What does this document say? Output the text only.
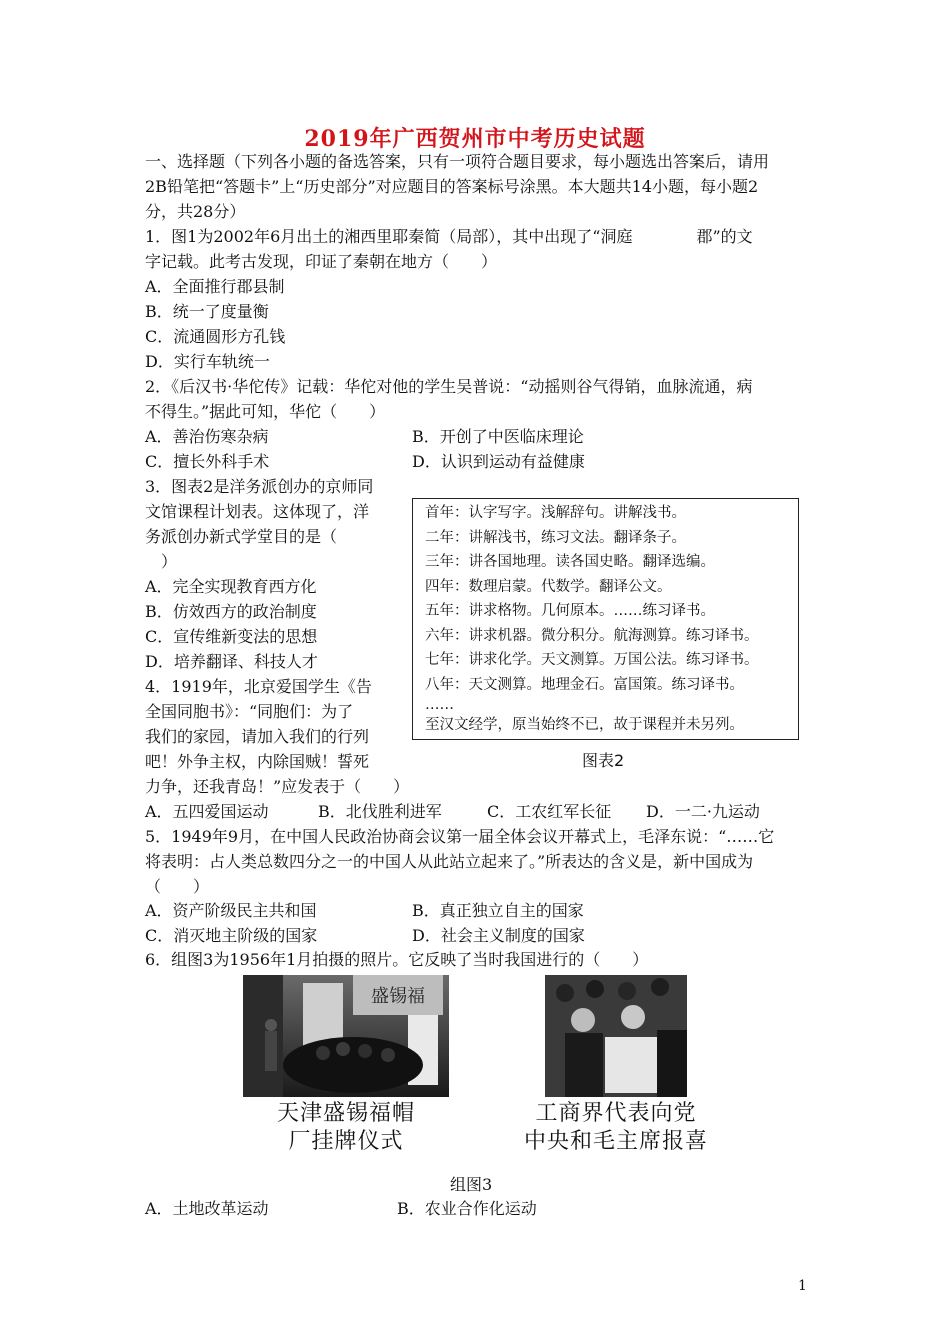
2019年广西贺州市中考历史试题
一、选择题（下列各小题的备选答案，只有一项符合题目要求，每小题选出答案后，请用
2B铅笔把“答题卡”上“历史部分”对应题目的答案标号涂黑。本大题共14小题，每小题2
分，共28分）
1．图1为2002年6月出土的湘西里耶秦简（局部），其中出现了“洞庭　　　　郡”的文
字记载。此考古发现，印证了秦朝在地方（　　）
A．全面推行郡县制
B．统一了度量衡
C．流通圆形方孔钱
D．实行车轨统一
2．《后汉书·华佗传》记载：华佗对他的学生吴普说：“动摇则谷气得销，血脉流通，病
不得生。”据此可知，华佗（　　）
A．善治伤寒杂病	B．开创了中医临床理论
C．擅长外科手术	D．认识到运动有益健康
3．图表2是洋务派创办的京师同
文馆课程计划表。这体现了，洋
务派创办新式学堂目的是（
　）
A．完全实现教育西方化
B．仿效西方的政治制度
C．宣传维新变法的思想
D．培养翻译、科技人才
首年：认字写字。浅解辞句。讲解浅书。
二年：讲解浅书，练习文法。翻译条子。
三年：讲各国地理。读各国史略。翻译选编。
四年：数理启蒙。代数学。翻译公文。
五年：讲求格物。几何原本。……练习译书。
六年：讲求机器。微分积分。航海测算。练习译书。
七年：讲求化学。天文测算。万国公法。练习译书。
八年：天文测算。地理金石。富国策。练习译书。
……
至汉文经学，原当始终不已，故于课程并未另列。
图表2
4．1919年，北京爱国学生《告
全国同胞书》：“同胞们：为了
我们的家园，请加入我们的行列
吧！外争主权，内除国贼！誓死
力争，还我青岛！”应发表于（　　）
A．五四爱国运动	B．北伐胜利进军	C．工农红军长征 D．一二·九运动
5．1949年9月，在中国人民政治协商会议第一届全体会议开幕式上，毛泽东说：“……它
将表明：占人类总数四分之一的中国人从此站立起来了。”所表达的含义是，新中国成为
（　　）
A．资产阶级民主共和国	B．真正独立自主的国家
C．消灭地主阶级的国家	D．社会主义制度的国家
6．组图3为1956年1月拍摄的照片。它反映了当时我国进行的（　　）
盛锡福
天津盛锡福帽
厂挂牌仪式
工商界代表向党
中央和毛主席报喜
组图3
A．土地改革运动	B．农业合作化运动
1
